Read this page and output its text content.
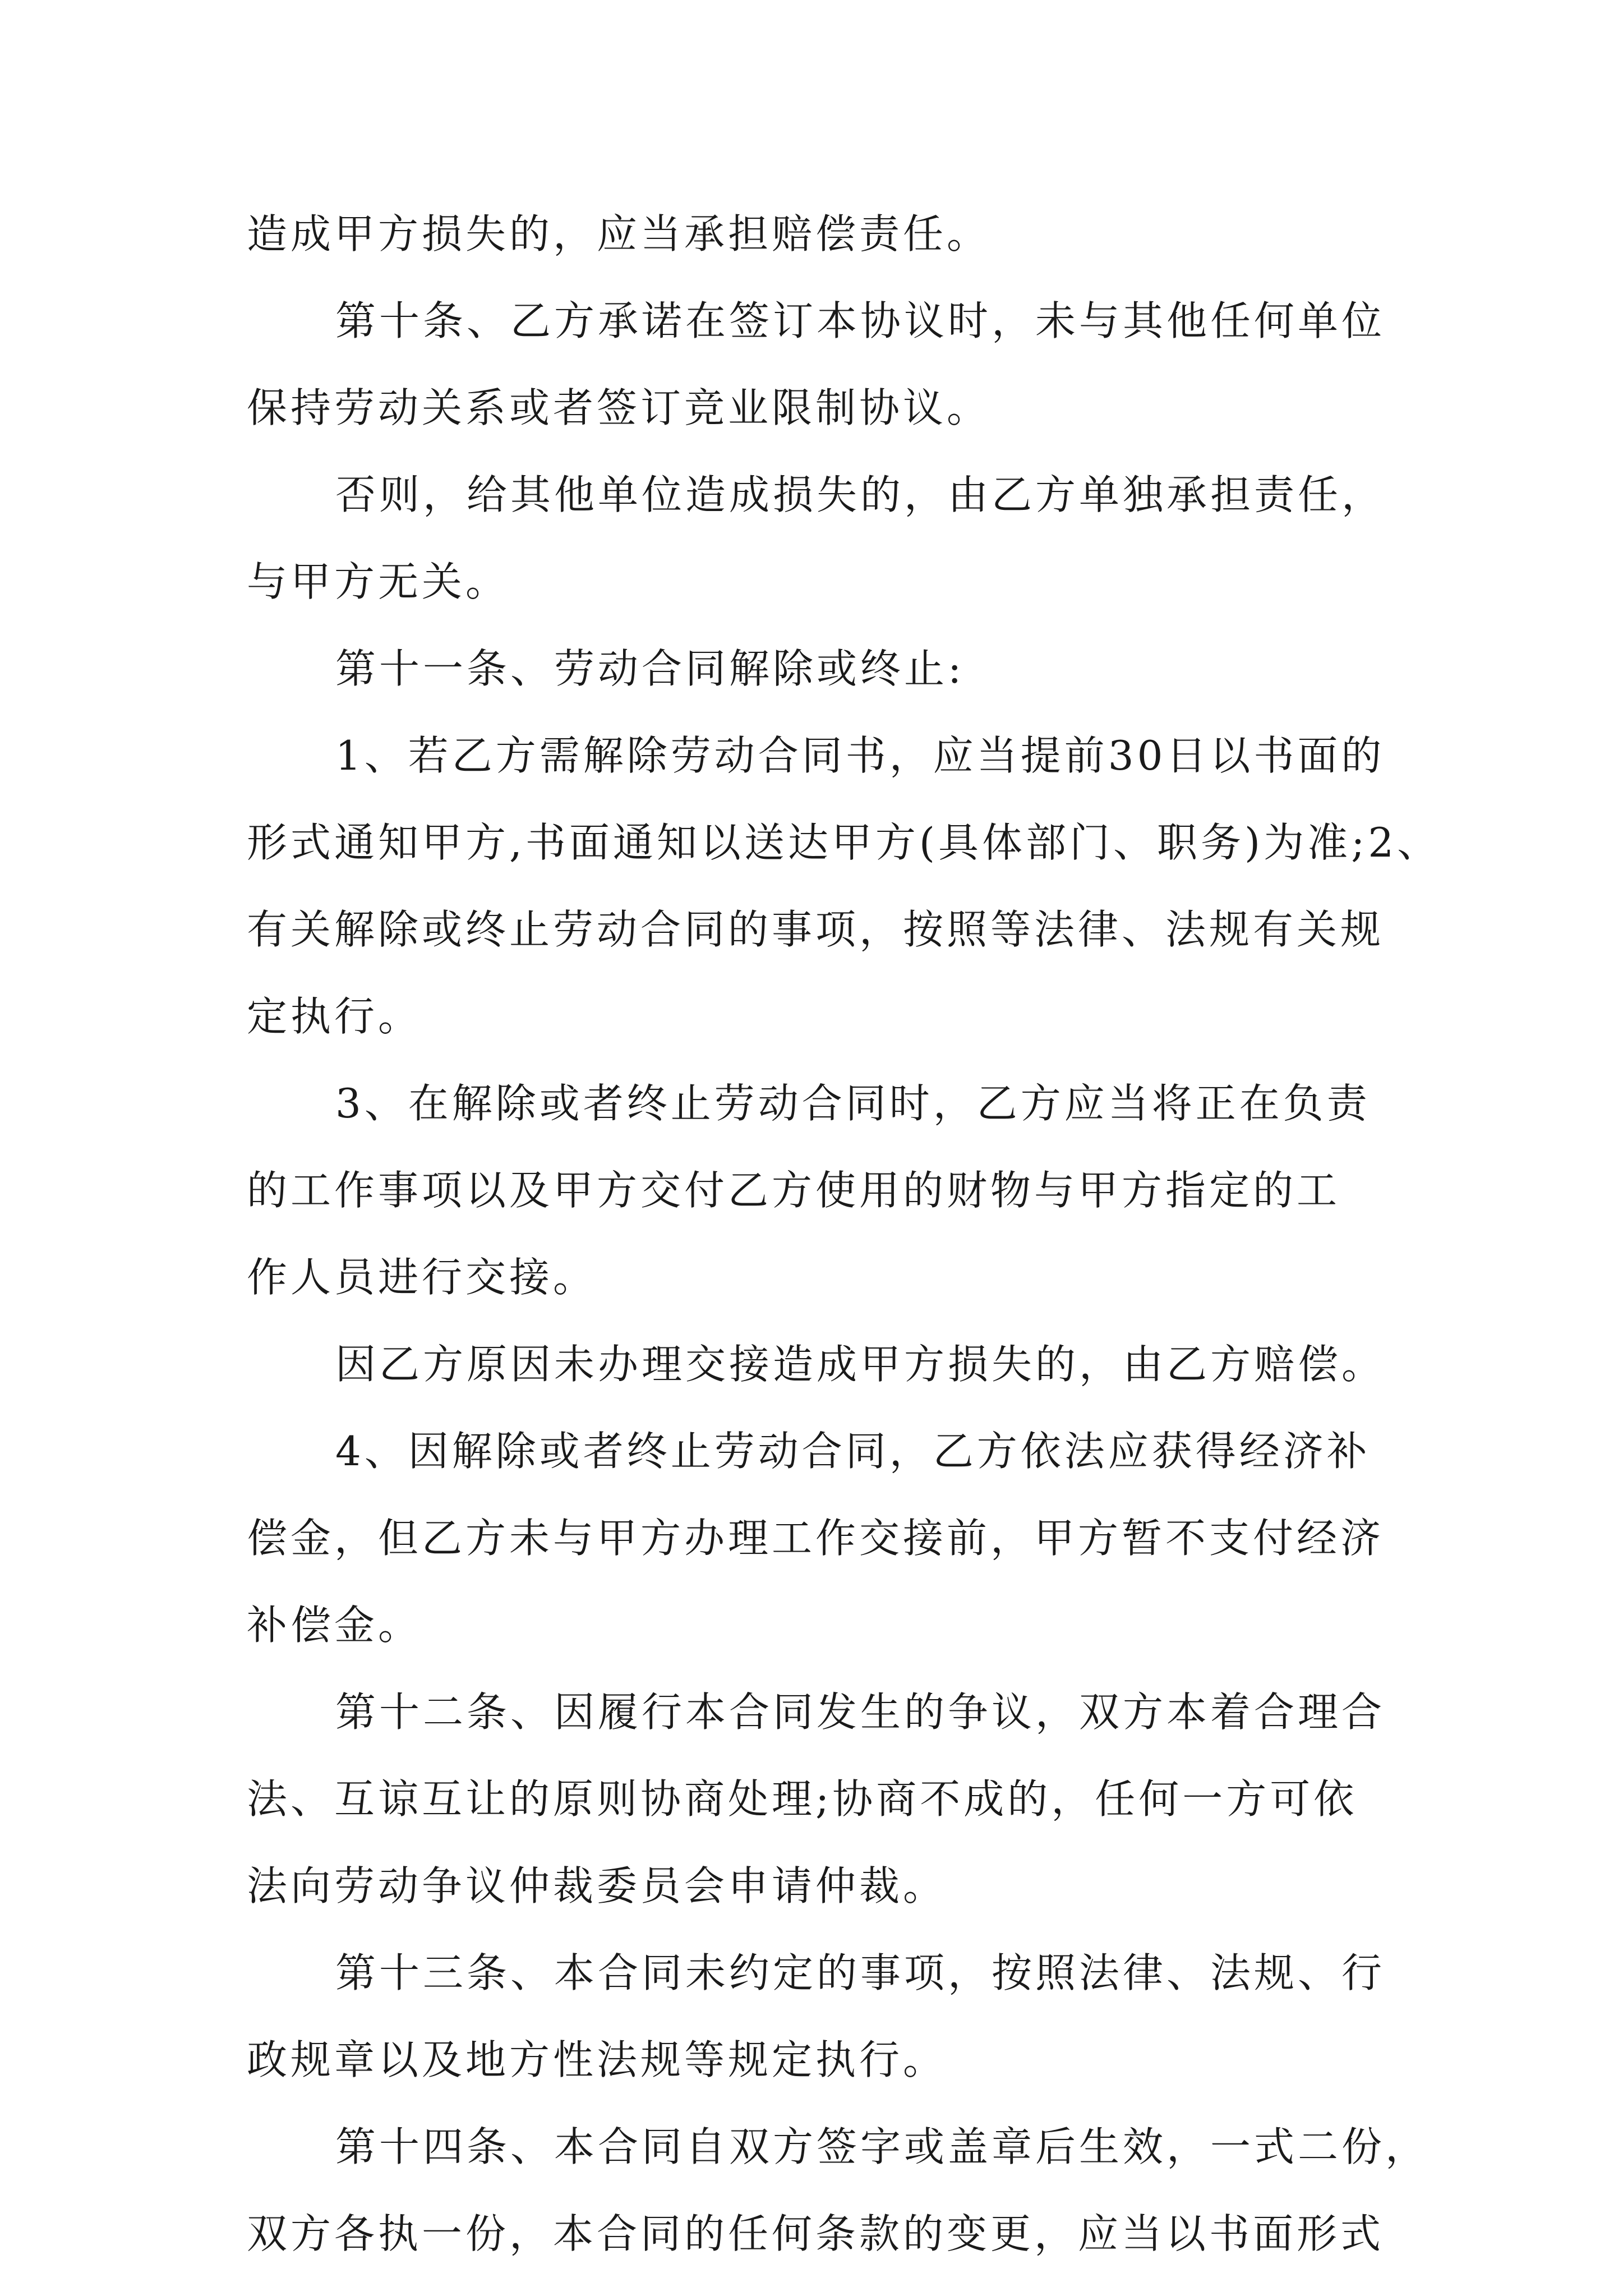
造成甲方损失的，应当承担赔偿责任。

第十条、乙方承诺在签订本协议时，未与其他任何单位

保持劳动关系或者签订竞业限制协议。

否则，给其他单位造成损失的，由乙方单独承担责任，

与甲方无关。

第十一条、劳动合同解除或终止:

1、若乙方需解除劳动合同书，应当提前30日以书面的

形式通知甲方,书面通知以送达甲方(具体部门、职务)为准;2、

有关解除或终止劳动合同的事项，按照等法律、法规有关规

定执行。

3、在解除或者终止劳动合同时，乙方应当将正在负责

的工作事项以及甲方交付乙方使用的财物与甲方指定的工

作人员进行交接。

因乙方原因未办理交接造成甲方损失的，由乙方赔偿。

4、因解除或者终止劳动合同，乙方依法应获得经济补

偿金，但乙方未与甲方办理工作交接前，甲方暂不支付经济

补偿金。

第十二条、因履行本合同发生的争议，双方本着合理合

法、互谅互让的原则协商处理;协商不成的，任何一方可依

法向劳动争议仲裁委员会申请仲裁。

第十三条、本合同未约定的事项，按照法律、法规、行

政规章以及地方性法规等规定执行。

第十四条、本合同自双方签字或盖章后生效，一式二份，

双方各执一份，本合同的任何条款的变更，应当以书面形式
